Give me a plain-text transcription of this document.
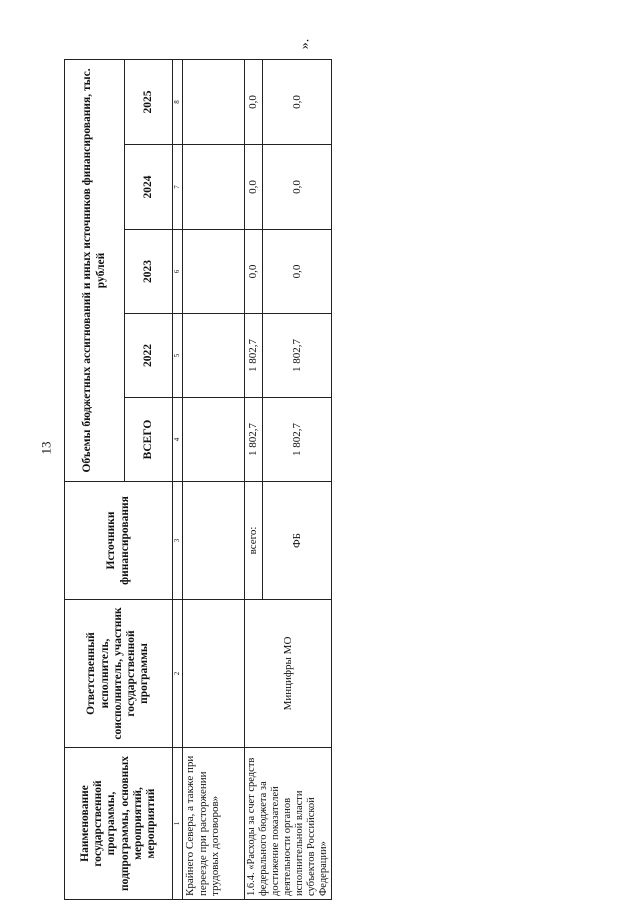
13
».
Наименование государственной программы, подпрограммы, основных мероприятий, мероприятий	Ответственный исполнитель, соисполнитель, участник государственной программы	Источники финансирования	Объемы бюджетных ассигнований и иных источников финансирования, тыс. рублей				
			ВСЕГО	2022	2023	2024	2025
1	2	3	4	5	6	7	8
Крайнего Севера, а также при переезде при расторжении трудовых договоров»							
1.6.4. «Расходы за счет средств федерального бюджета за достижение показателей деятельности органов исполнительной власти субъектов Российской Федерации»	Минцифры МО	всего:	1 802,7	1 802,7	0,0	0,0	0,0
		ФБ	1 802,7	1 802,7	0,0	0,0	0,0
